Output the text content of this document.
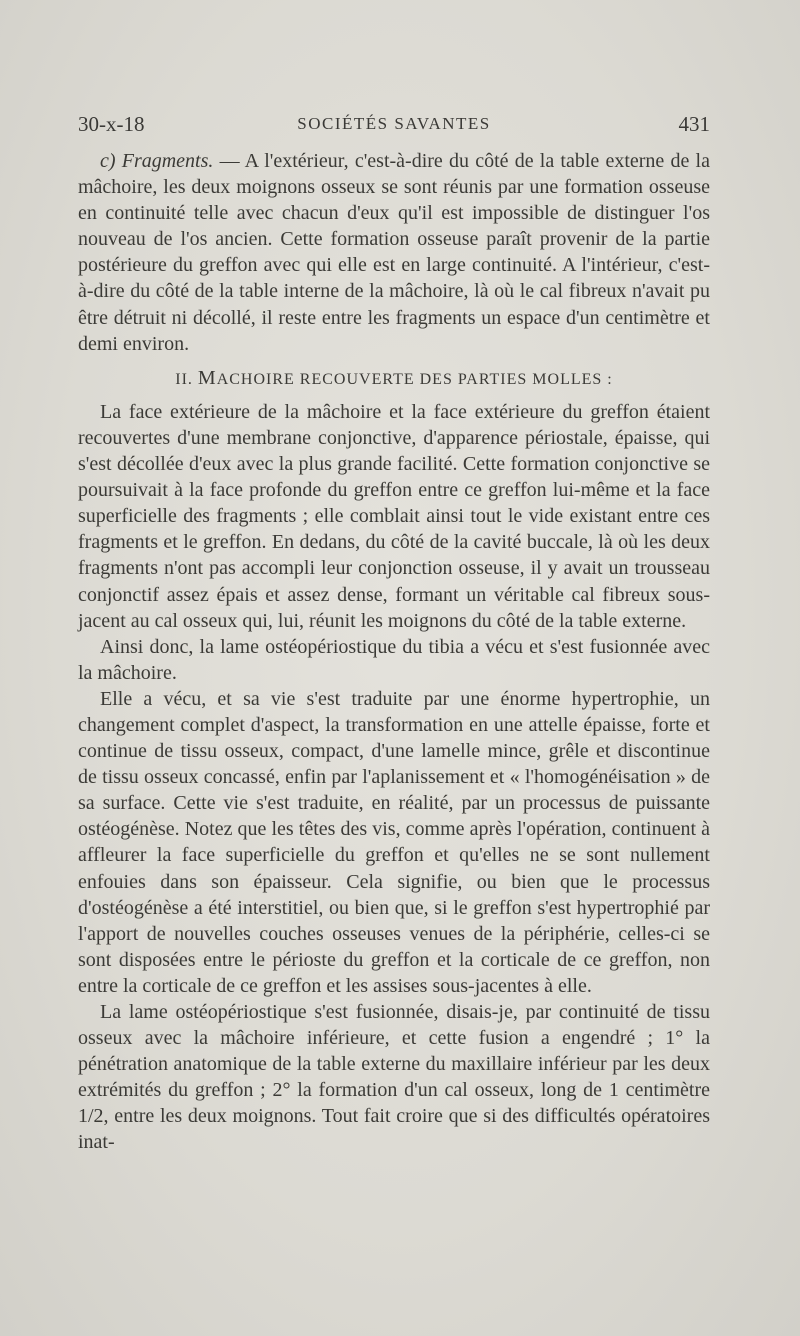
30-x-18	SOCIÉTÉS SAVANTES	431

c) Fragments. — A l'extérieur, c'est-à-dire du côté de la table externe de la mâchoire, les deux moignons osseux se sont réunis par une formation osseuse en continuité telle avec chacun d'eux qu'il est impossible de distinguer l'os nouveau de l'os ancien. Cette formation osseuse paraît provenir de la partie postérieure du greffon avec qui elle est en large continuité. A l'intérieur, c'est-à-dire du côté de la table interne de la mâchoire, là où le cal fibreux n'avait pu être détruit ni décollé, il reste entre les fragments un espace d'un centimètre et demi environ.

II. MACHOIRE RECOUVERTE DES PARTIES MOLLES :

La face extérieure de la mâchoire et la face extérieure du greffon étaient recouvertes d'une membrane conjonctive, d'apparence périostale, épaisse, qui s'est décollée d'eux avec la plus grande facilité. Cette formation conjonctive se poursuivait à la face profonde du greffon entre ce greffon lui-même et la face superficielle des fragments ; elle comblait ainsi tout le vide existant entre ces fragments et le greffon. En dedans, du côté de la cavité buccale, là où les deux fragments n'ont pas accompli leur conjonction osseuse, il y avait un trousseau conjonctif assez épais et assez dense, formant un véritable cal fibreux sous-jacent au cal osseux qui, lui, réunit les moignons du côté de la table externe.

Ainsi donc, la lame ostéopériostique du tibia a vécu et s'est fusionnée avec la mâchoire.

Elle a vécu, et sa vie s'est traduite par une énorme hypertrophie, un changement complet d'aspect, la transformation en une attelle épaisse, forte et continue de tissu osseux, compact, d'une lamelle mince, grêle et discontinue de tissu osseux concassé, enfin par l'aplanissement et « l'homogénéisation » de sa surface. Cette vie s'est traduite, en réalité, par un processus de puissante ostéogénèse. Notez que les têtes des vis, comme après l'opération, continuent à affleurer la face superficielle du greffon et qu'elles ne se sont nullement enfouies dans son épaisseur. Cela signifie, ou bien que le processus d'ostéogénèse a été interstitiel, ou bien que, si le greffon s'est hypertrophié par l'apport de nouvelles couches osseuses venues de la périphérie, celles-ci se sont disposées entre le périoste du greffon et la corticale de ce greffon, non entre la corticale de ce greffon et les assises sous-jacentes à elle.

La lame ostéopériostique s'est fusionnée, disais-je, par continuité de tissu osseux avec la mâchoire inférieure, et cette fusion a engendré ; 1° la pénétration anatomique de la table externe du maxillaire inférieur par les deux extrémités du greffon ; 2° la formation d'un cal osseux, long de 1 centimètre 1/2, entre les deux moignons. Tout fait croire que si des difficultés opératoires inat-
